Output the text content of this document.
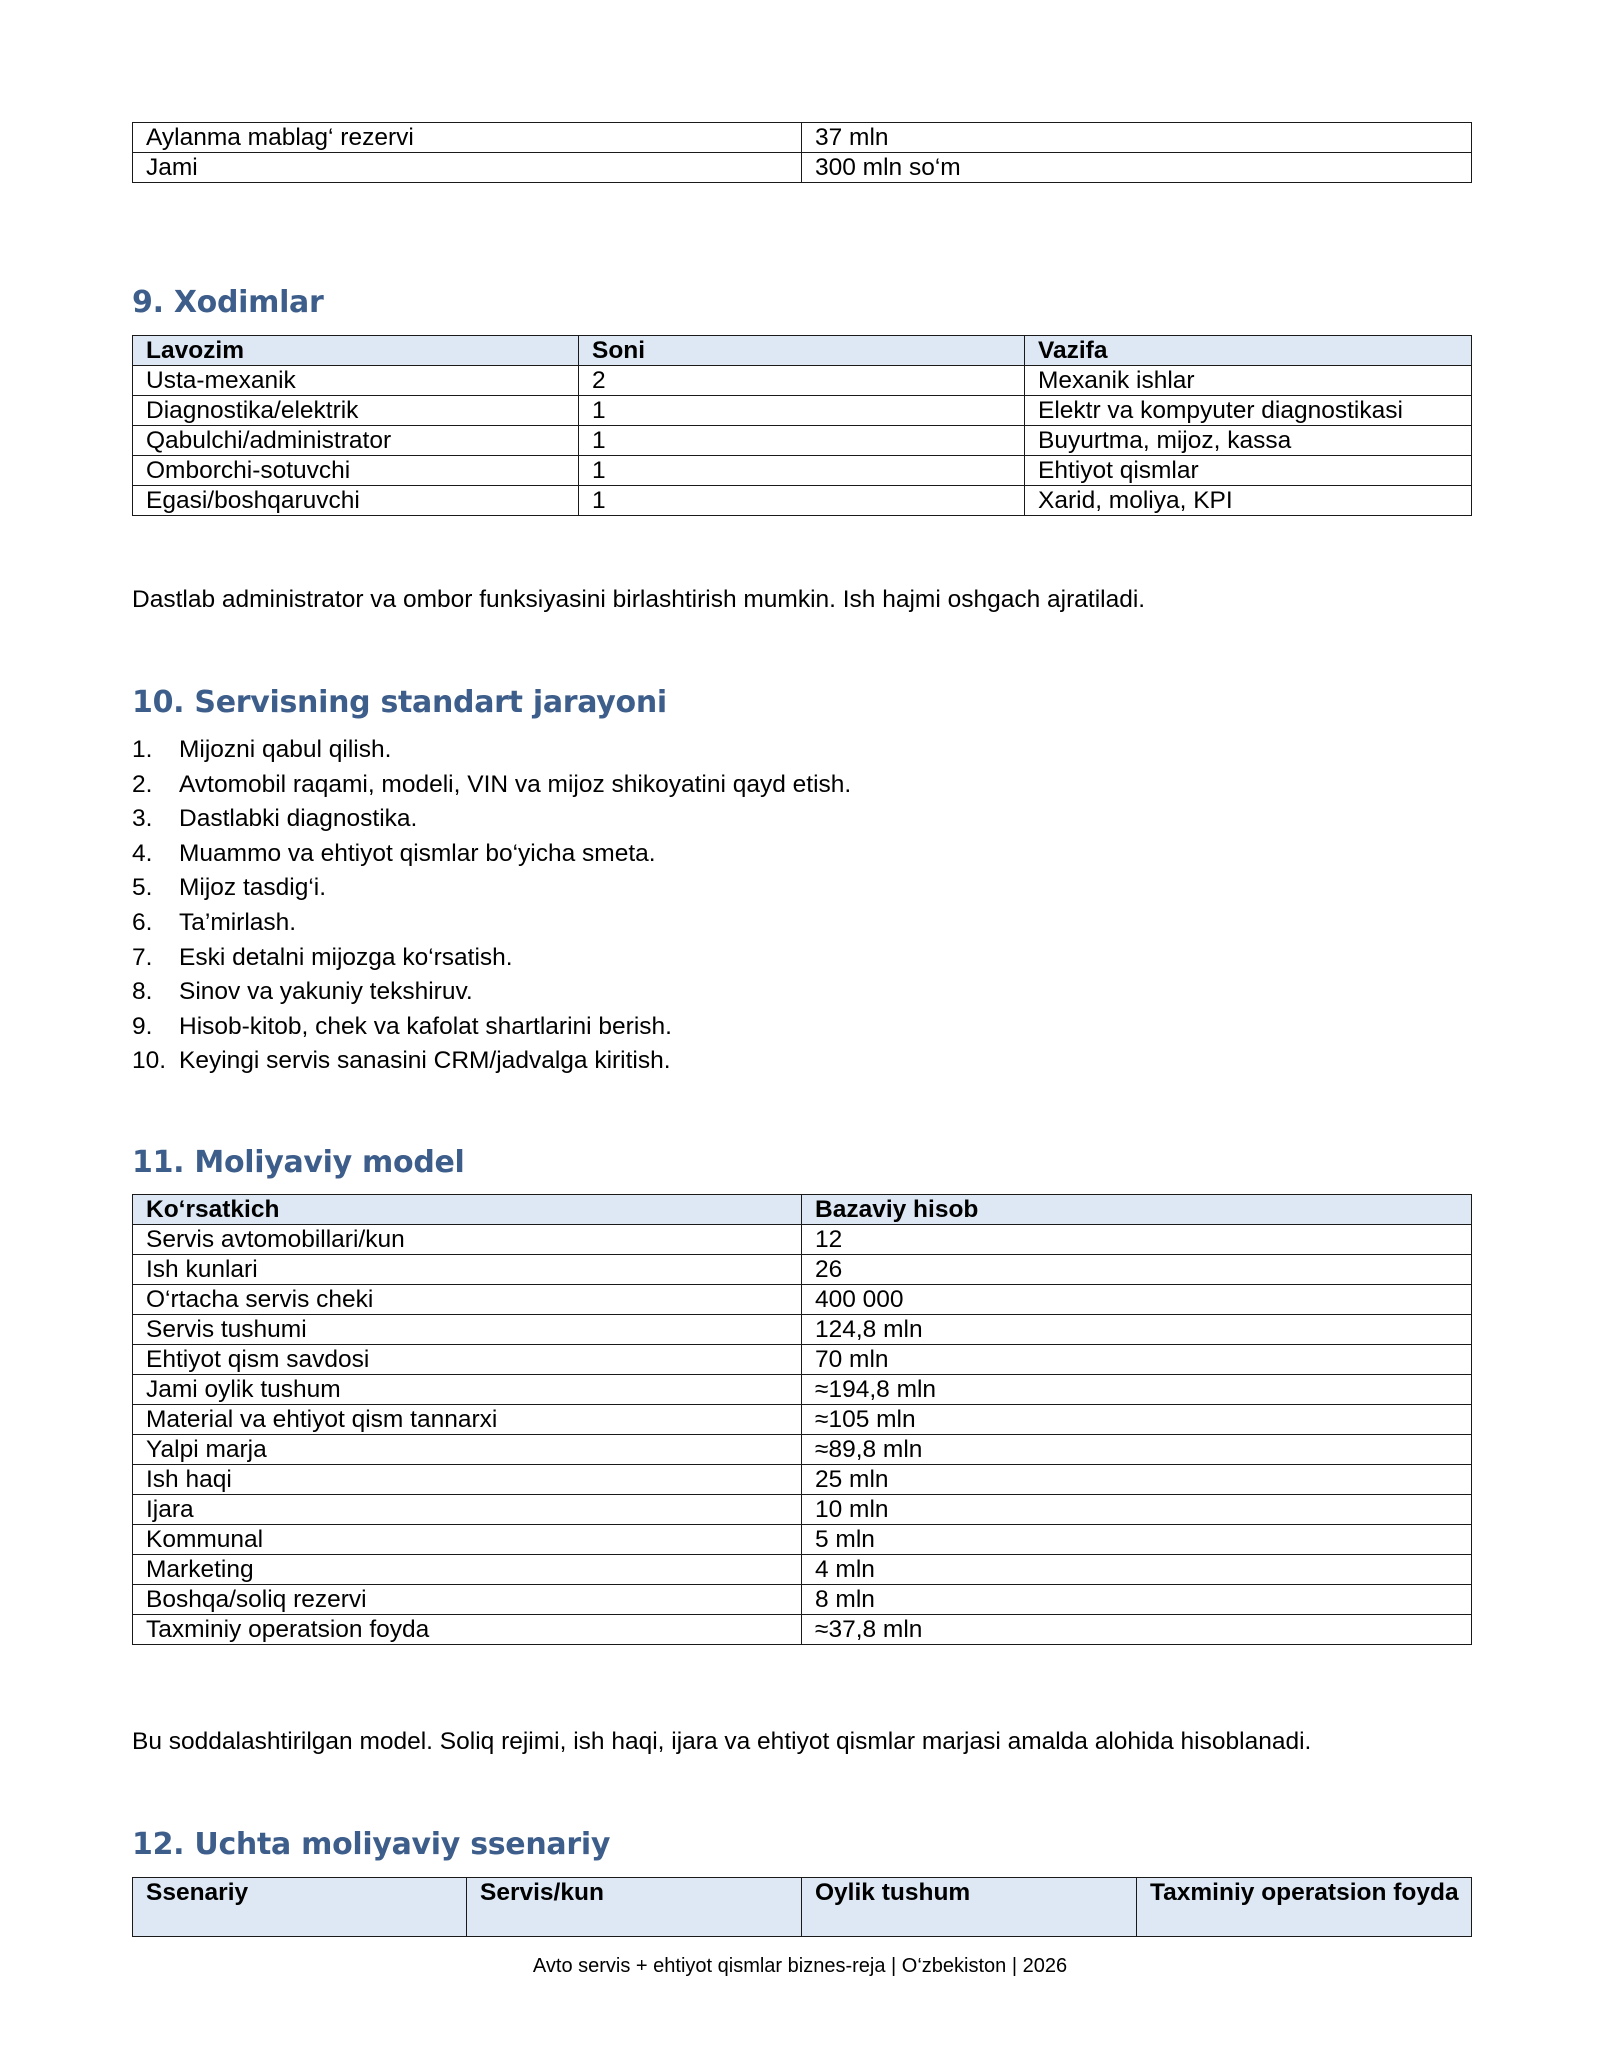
Aylanma mablag‘ rezervi	37 mln
Jami	300 mln so‘m
9. Xodimlar
Lavozim	Soni	Vazifa
Usta-mexanik	2	Mexanik ishlar
Diagnostika/elektrik	1	Elektr va kompyuter diagnostikasi
Qabulchi/administrator	1	Buyurtma, mijoz, kassa
Omborchi-sotuvchi	1	Ehtiyot qismlar
Egasi/boshqaruvchi	1	Xarid, moliya, KPI

Dastlab administrator va ombor funksiyasini birlashtirish mumkin. Ish hajmi oshgach ajratiladi.

10. Servisning standart jarayoni
1.	Mijozni qabul qilish.
2.	Avtomobil raqami, modeli, VIN va mijoz shikoyatini qayd etish.
3.	Dastlabki diagnostika.
4.	Muammo va ehtiyot qismlar bo‘yicha smeta.
5.	Mijoz tasdig‘i.
6.	Ta’mirlash.
7.	Eski detalni mijozga ko‘rsatish.
8.	Sinov va yakuniy tekshiruv.
9.	Hisob-kitob, chek va kafolat shartlarini berish.
10. Keyingi servis sanasini CRM/jadvalga kiritish.
11. Moliyaviy model
Ko‘rsatkich	Bazaviy hisob
Servis avtomobillari/kun	12
Ish kunlari	26
O‘rtacha servis cheki	400 000
Servis tushumi	124,8 mln
Ehtiyot qism savdosi	70 mln
Jami oylik tushum	≈194,8 mln
Material va ehtiyot qism tannarxi	≈105 mln
Yalpi marja	≈89,8 mln
Ish haqi	25 mln
Ijara	10 mln
Kommunal	5 mln
Marketing	4 mln
Boshqa/soliq rezervi	8 mln
Taxminiy operatsion foyda	≈37,8 mln

Bu soddalashtirilgan model. Soliq rejimi, ish haqi, ijara va ehtiyot qismlar marjasi amalda alohida hisoblanadi.

12. Uchta moliyaviy ssenariy
Ssenariy	Servis/kun	Oylik tushum	Taxminiy operatsion foyda
Avto servis + ehtiyot qismlar biznes-reja | O‘zbekiston | 2026
